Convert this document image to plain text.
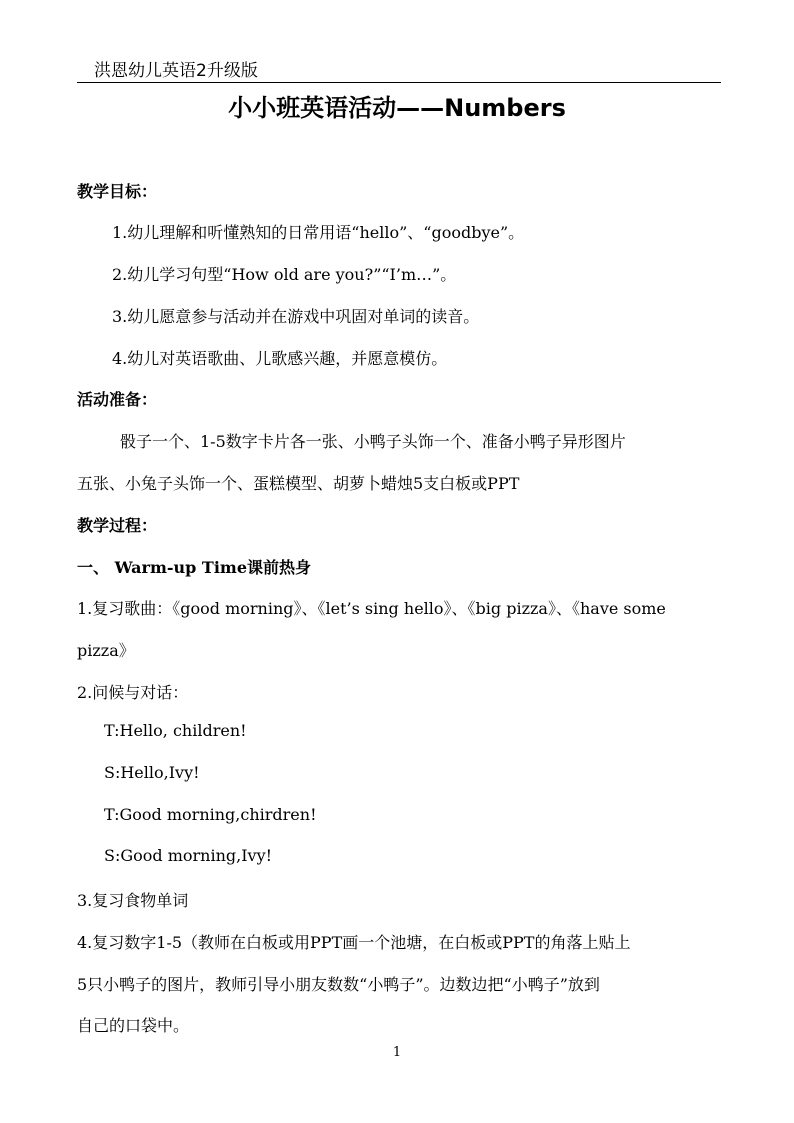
洪恩幼儿英语2升级版
小小班英语活动——Numbers
教学目标：
1.幼儿理解和听懂熟知的日常用语“hello”、“goodbye”。
2.幼儿学习句型“How old are you?”“I’m…”。
3.幼儿愿意参与活动并在游戏中巩固对单词的读音。
4.幼儿对英语歌曲、儿歌感兴趣，并愿意模仿。
活动准备：
骰子一个、1-5数字卡片各一张、小鸭子头饰一个、准备小鸭子异形图片
五张、小兔子头饰一个、蛋糕模型、胡萝卜蜡烛5支白板或PPT
教学过程：
一、 Warm-up Time课前热身
1.复习歌曲：《good morning》、《let’s sing hello》、《big pizza》、《have some
pizza》
2.问候与对话：
T:Hello, children!
S:Hello,Ivy!
T:Good morning,chirdren!
S:Good morning,Ivy!
3.复习食物单词
4.复习数字1-5（教师在白板或用PPT画一个池塘，在白板或PPT的角落上贴上
5只小鸭子的图片，教师引导小朋友数数“小鸭子”。边数边把“小鸭子”放到
自己的口袋中。
1
